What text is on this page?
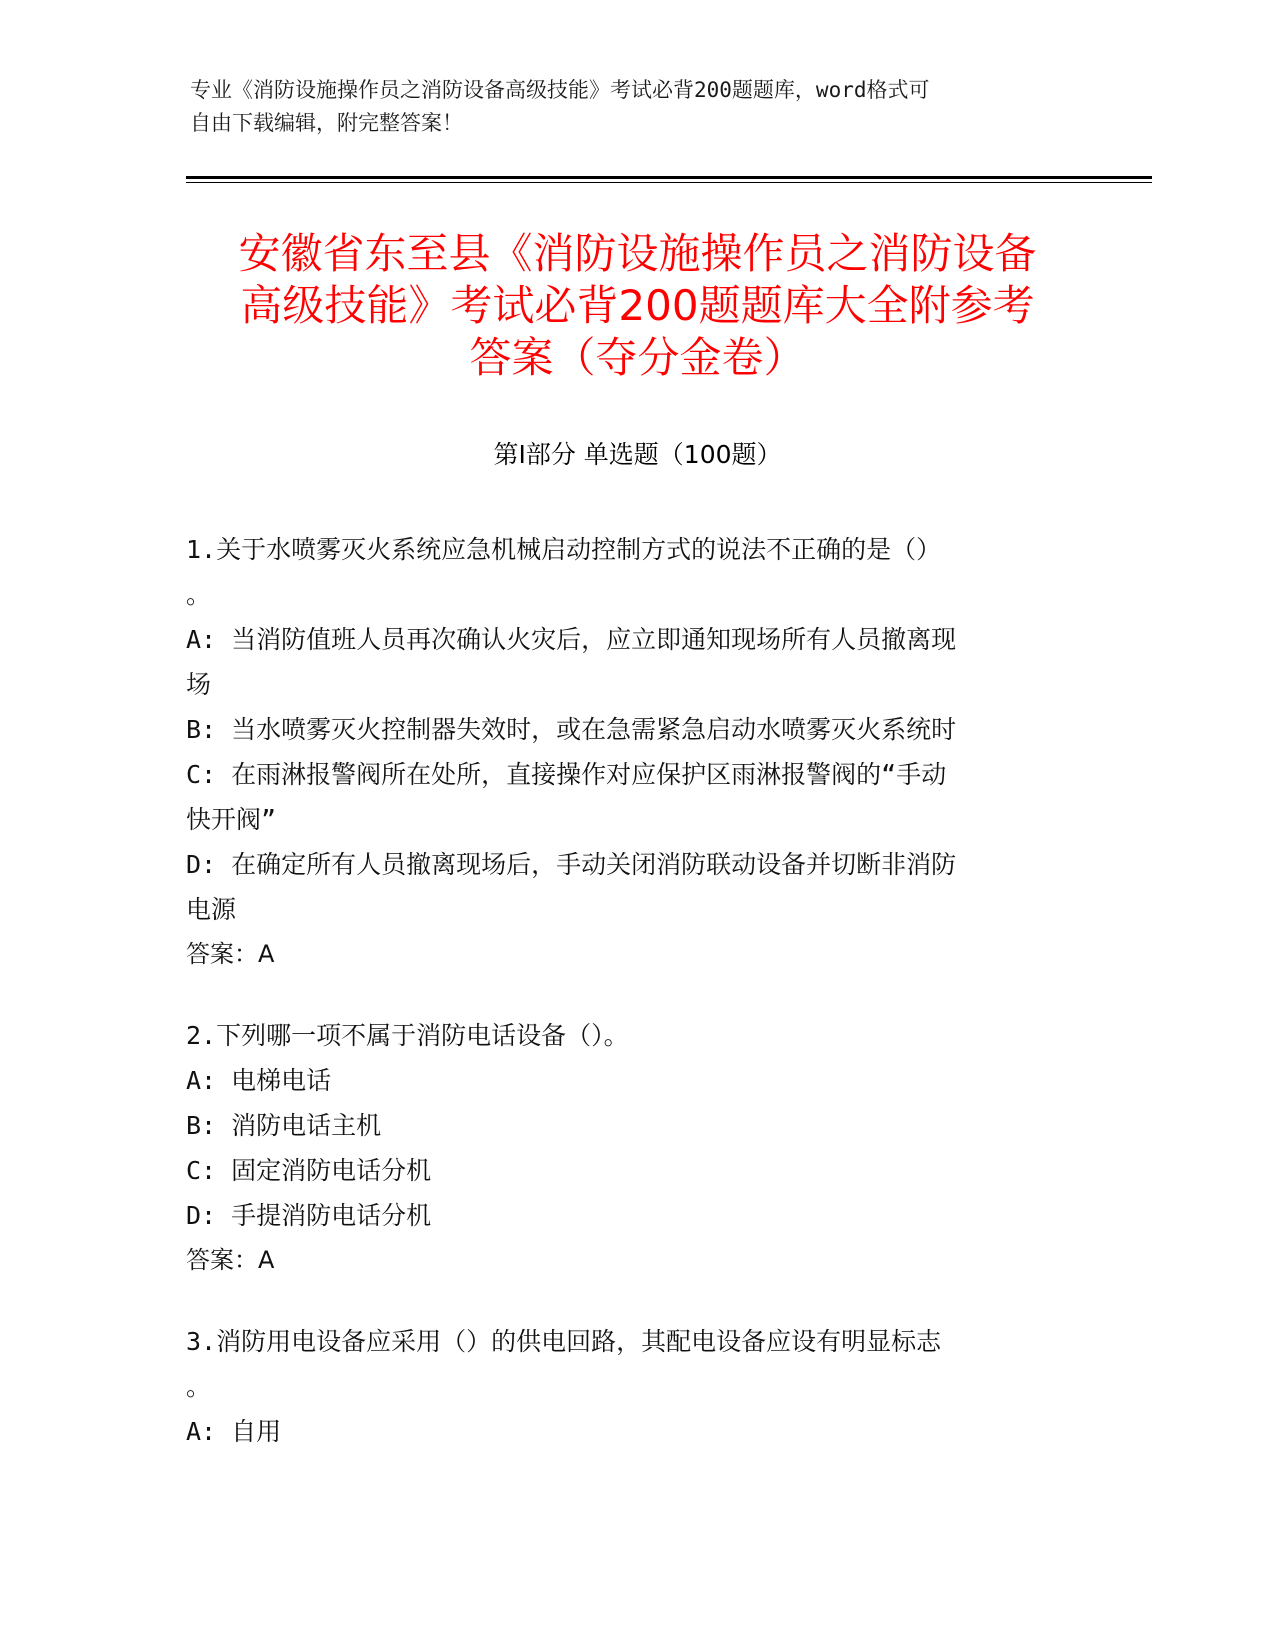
专业《消防设施操作员之消防设备高级技能》考试必背200题题库，word格式可
自由下载编辑，附完整答案！
安徽省东至县《消防设施操作员之消防设备
高级技能》考试必背200题题库大全附参考
答案（夺分金卷）
第Ⅰ部分 单选题（100题）

1.关于水喷雾灭火系统应急机械启动控制方式的说法不正确的是（）

。

A: 当消防值班人员再次确认火灾后，应立即通知现场所有人员撤离现

场

B: 当水喷雾灭火控制器失效时，或在急需紧急启动水喷雾灭火系统时

C: 在雨淋报警阀所在处所，直接操作对应保护区雨淋报警阀的“手动

快开阀”

D: 在确定所有人员撤离现场后，手动关闭消防联动设备并切断非消防

电源

答案：A

2.下列哪一项不属于消防电话设备（）。

A: 电梯电话

B: 消防电话主机

C: 固定消防电话分机

D: 手提消防电话分机

答案：A

3.消防用电设备应采用（）的供电回路，其配电设备应设有明显标志

。

A: 自用
